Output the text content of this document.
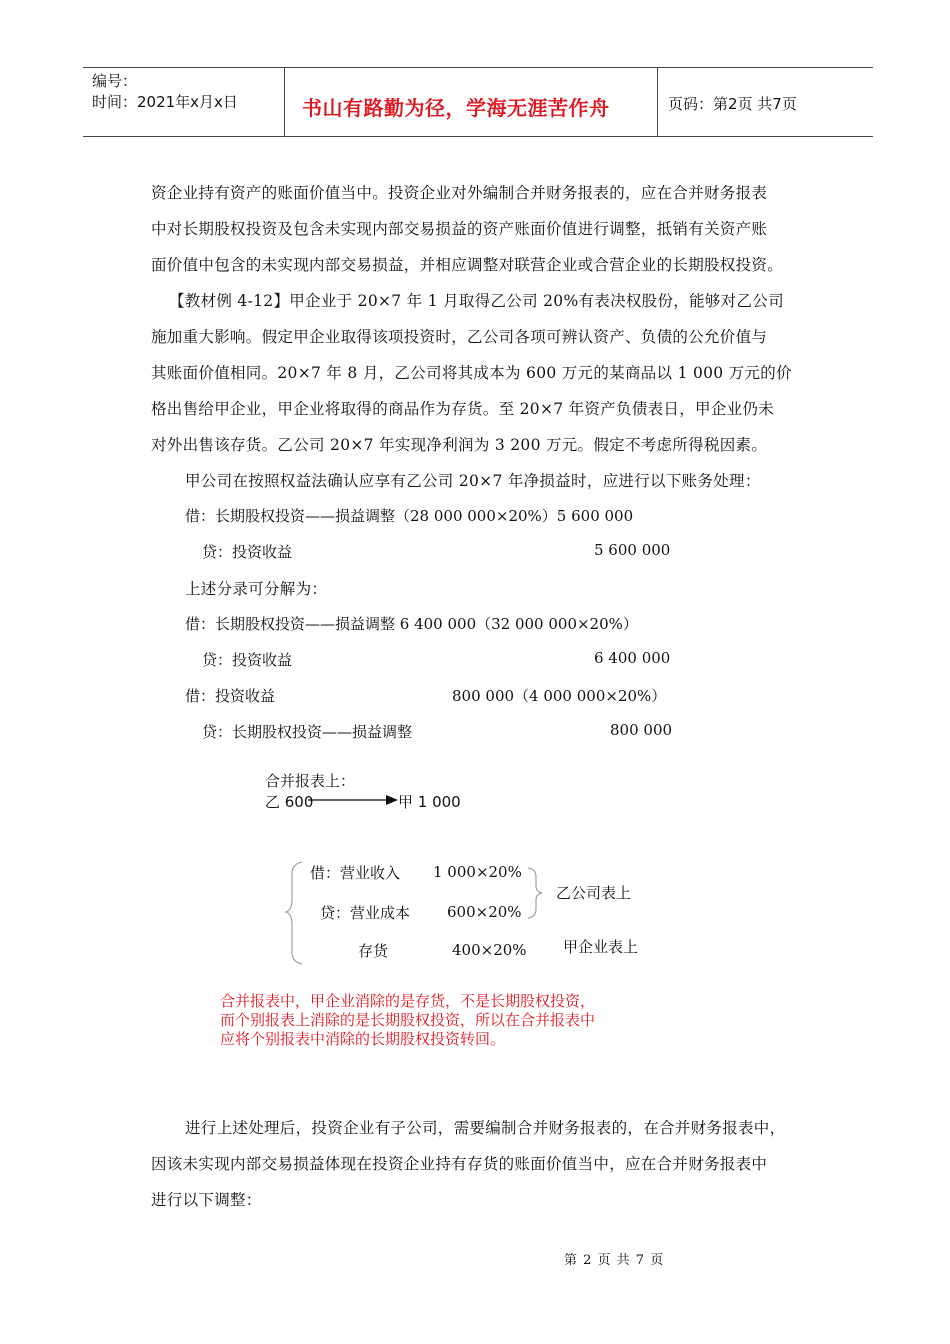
编号：
时间：2021年x月x日	书山有路勤为径，学海无涯苦作舟	页码：第2页 共7页
资企业持有资产的账面价值当中。投资企业对外编制合并财务报表的，应在合并财务报表
中对长期股权投资及包含未实现内部交易损益的资产账面价值进行调整，抵销有关资产账
面价值中包含的未实现内部交易损益，并相应调整对联营企业或合营企业的长期股权投资。
【教材例 4-12】甲企业于 20×7 年 1 月取得乙公司 20%有表决权股份，能够对乙公司
施加重大影响。假定甲企业取得该项投资时，乙公司各项可辨认资产、负债的公允价值与
其账面价值相同。20×7 年 8 月，乙公司将其成本为 600 万元的某商品以 1 000 万元的价
格出售给甲企业，甲企业将取得的商品作为存货。至 20×7 年资产负债表日，甲企业仍未
对外出售该存货。乙公司 20×7 年实现净利润为 3 200 万元。假定不考虑所得税因素。
甲公司在按照权益法确认应享有乙公司 20×7 年净损益时，应进行以下账务处理：
借：长期股权投资——损益调整（28 000 000×20%）5 600 000
贷：投资收益	5 600 000
上述分录可分解为：
借：长期股权投资——损益调整 6 400 000（32 000 000×20%）
贷：投资收益	6 400 000
借：投资收益	800 000（4 000 000×20%）
贷：长期股权投资——损益调整	800 000
合并报表上：
乙 600	甲 1 000
借：营业收入 1 000×20%
贷：营业成本 600×20%
存货	400×20%
乙公司表上
甲企业表上
合并报表中，甲企业消除的是存货，不是长期股权投资，
而个别报表上消除的是长期股权投资，所以在合并报表中
应将个别报表中消除的长期股权投资转回。
进行上述处理后，投资企业有子公司，需要编制合并财务报表的，在合并财务报表中，
因该未实现内部交易损益体现在投资企业持有存货的账面价值当中，应在合并财务报表中
进行以下调整：
第 2 页 共 7 页
